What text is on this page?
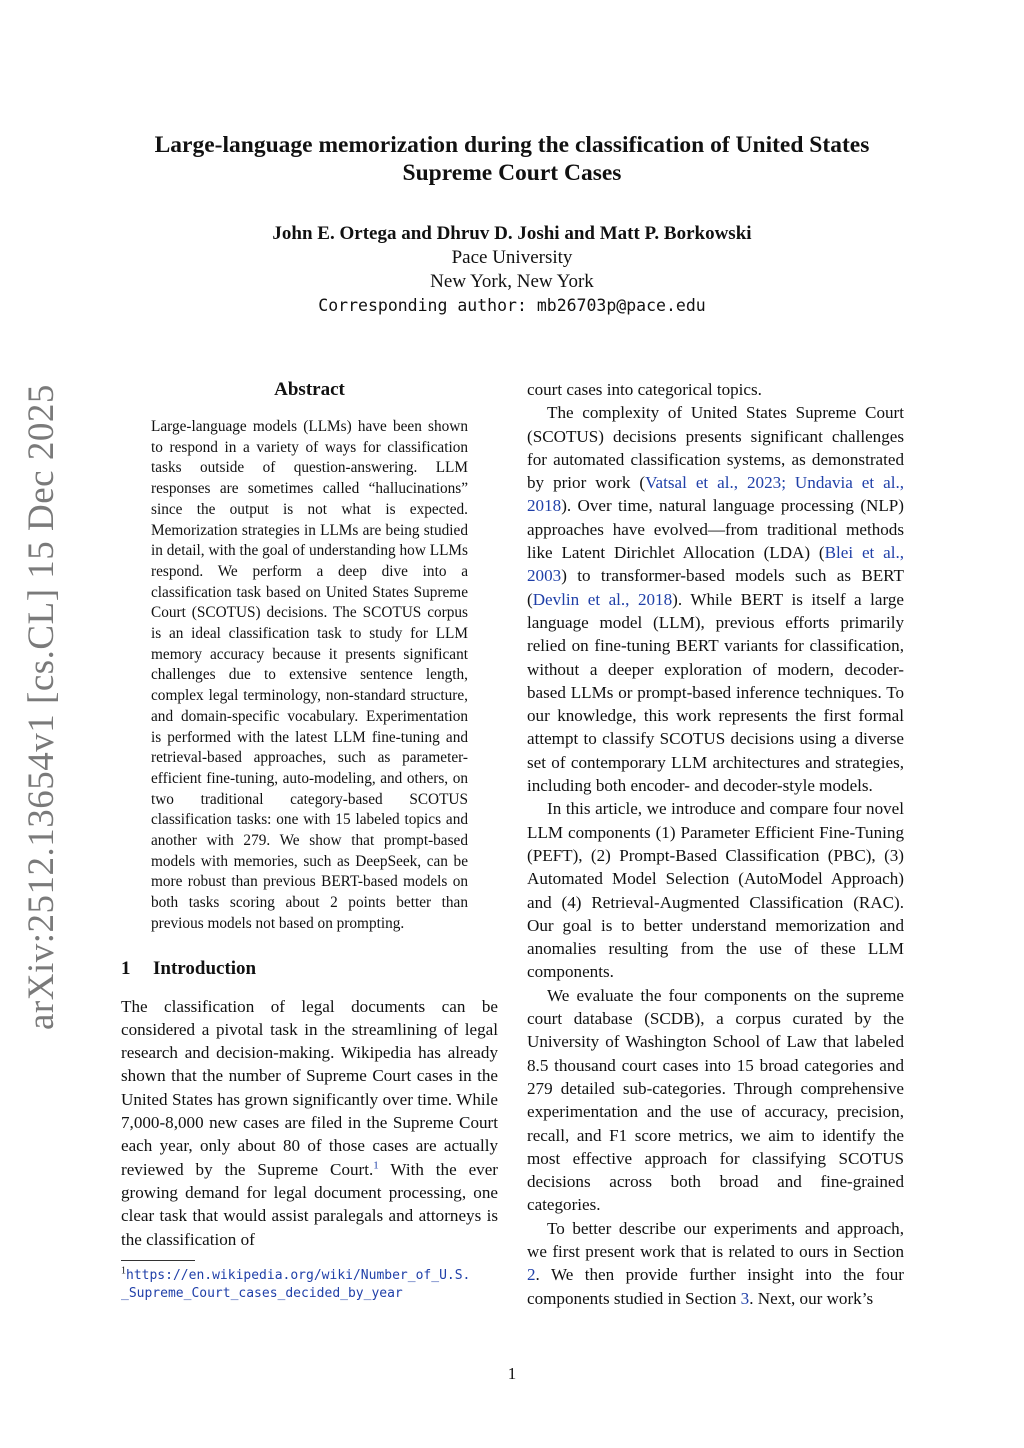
arXiv:2512.13654v1 [cs.CL] 15 Dec 2025
Large-language memorization during the classification of United States
Supreme Court Cases
John E. Ortega and Dhruv D. Joshi and Matt P. Borkowski
Pace University
New York, New York
Corresponding author: mb26703p@pace.edu
Abstract
Large-language models (LLMs) have been shown to respond in a variety of ways for classification tasks outside of question-answering. LLM responses are sometimes called “hallucinations” since the output is not what is expected. Memorization strategies in LLMs are being studied in detail, with the goal of understanding how LLMs respond. We perform a deep dive into a classification task based on United States Supreme Court (SCOTUS) decisions. The SCOTUS corpus is an ideal classification task to study for LLM memory accuracy because it presents significant challenges due to extensive sentence length, complex legal terminology, non-standard structure, and domain-specific vocabulary. Experimentation is performed with the latest LLM fine-tuning and retrieval-based approaches, such as parameter-efficient fine-tuning, auto-modeling, and others, on two traditional category-based SCOTUS classification tasks: one with 15 labeled topics and another with 279. We show that prompt-based models with memories, such as DeepSeek, can be more robust than previous BERT-based models on both tasks scoring about 2 points better than previous models not based on prompting.
1 Introduction

The classification of legal documents can be considered a pivotal task in the streamlining of legal research and decision-making. Wikipedia has already shown that the number of Supreme Court cases in the United States has grown significantly over time. While 7,000-8,000 new cases are filed in the Supreme Court each year, only about 80 of those cases are actually reviewed by the Supreme Court.$^1$ With the ever growing demand for legal document processing, one clear task that would assist paralegals and attorneys is the classification of

$^1$https://en.wikipedia.org/wiki/Number_of_U.S.
_Supreme_Court_cases_decided_by_year

court cases into categorical topics.

The complexity of United States Supreme Court (SCOTUS) decisions presents significant challenges for automated classification systems, as demonstrated by prior work (Vatsal et al., 2023; Undavia et al., 2018). Over time, natural language processing (NLP) approaches have evolved—from traditional methods like Latent Dirichlet Allocation (LDA) (Blei et al., 2003) to transformer-based models such as BERT (Devlin et al., 2018). While BERT is itself a large language model (LLM), previous efforts primarily relied on fine-tuning BERT variants for classification, without a deeper exploration of modern, decoder-based LLMs or prompt-based inference techniques. To our knowledge, this work represents the first formal attempt to classify SCOTUS decisions using a diverse set of contemporary LLM architectures and strategies, including both encoder- and decoder-style models.

In this article, we introduce and compare four novel LLM components (1) Parameter Efficient Fine-Tuning (PEFT), (2) Prompt-Based Classification (PBC), (3) Automated Model Selection (AutoModel Approach) and (4) Retrieval-Augmented Classification (RAC). Our goal is to better understand memorization and anomalies resulting from the use of these LLM components.

We evaluate the four components on the supreme court database (SCDB), a corpus curated by the University of Washington School of Law that labeled 8.5 thousand court cases into 15 broad categories and 279 detailed sub-categories. Through comprehensive experimentation and the use of accuracy, precision, recall, and F1 score metrics, we aim to identify the most effective approach for classifying SCOTUS decisions across both broad and fine-grained categories.

To better describe our experiments and approach, we first present work that is related to ours in Section 2. We then provide further insight into the four components studied in Section 3. Next, our work’s

1
